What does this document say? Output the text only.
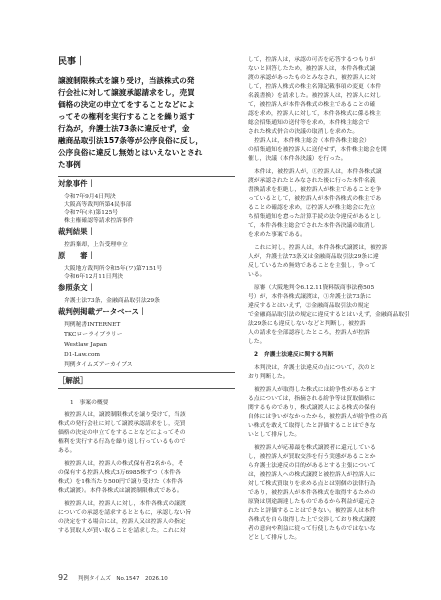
民事｜
譲渡制限株式を譲り受け，当該株式の発
行会社に対して譲渡承認請求をし，売買
価格の決定の申立てをすることなどによ
ってその権利を実行することを繰り返す
行為が，弁護士法73条に違反せず，金
融商品取引法157条等が公序良俗に反し，
公序良俗に違反し無効とはいえないとされ
た事例
対象事件｜
令和7年9月4日判決
大阪高等裁判所第4民事部
令和7年(ネ)第125号
株主権確認等請求控訴事件
裁判結果｜
控訴棄却，上告受理申立
原　　審｜
大阪地方裁判所令和5年(ワ)第7151号
令和6年12月11日判決
参照条文｜
弁護士法73条，金融商品取引法29条
裁判例掲載データベース｜
判例秘書INTERNET
TKCローライブラリー
Westlaw Japan
D1-Law.com
判例タイムズアーカイブス
［解説］
1　事案の概要
被控訴人は，譲渡制限株式を譲り受けて，当該
株式の発行会社に対して譲渡承認請求をし，売買
価格の決定の申立てをすることなどによってその
権利を実行する行為を繰り返し行っているもので
ある。
被控訴人は，控訴人の株式保有者2名から，そ
の保有する控訴人株式3万6985株ずつ（本件各
株式）を1株当たり500円で譲り受けた（本件各
株式譲渡）。本件各株式は譲渡制限株式である。
被控訴人は，控訴人に対し，本件各株式の譲渡
についての承認を請求するとともに，承認しない旨
の決定をする場合には，控訴人又は控訴人の指定
する買取人が買い取ることを請求した。これに対
して，控訴人は，承認の可否を応答するつもりが
ないと回答したため，被控訴人は，本件各株式譲
渡の承認があったものとみなされ，被控訴人に対
して，控訴人株式の株主名簿記載事項の変更（本件
名義書換）を請求した。被控訴人は，控訴人に対し
て，被控訴人が本件各株式の株主であることの確
認を求め，控訴人に対して，本件各株式に係る株主
総会招集通知の送付等を求め，本件株主総会で
された株式併合の決議の取消しを求めた。
控訴人は，本件株主総会（本件各株主総会）
の招集通知を被控訴人に送付せず，本件株主総会を開
催し，決議（本件各決議）を行った。
本件は，被控訴人が，①控訴人は，本件各株式譲
渡が承認されたとみなされた後に行った本件名義
書換請求を拒絶し，被控訴人が株主であることを争
っているとして，被控訴人が本件各株式の株主であ
ることの確認を求め，②控訴人が株主総会に先立
ち招集通知を怠った計算手続の法令違反があるとし
て，本件各株主総会でされた本件各決議の取消し
を求めた事案である。
これに対し，控訴人は，本件各株式譲渡は，被控訴
人が，弁護士法73条又は金融商品取引法29条に違
反しているため無効であることを主張し，争って
いる。
原審（大阪地判令6.12.11資料版商事法務505
号）が，本件各株式譲渡は，①弁護士法73条に
違反するとはいえず，②金融商品取引法の規定
で金融商品取引法の規定に違反するとはいえず，金融商品取引
法29条にも違反しないなどと判断し，被控訴
人の請求を全部認容したところ，控訴人が控訴
した。
2　弁護士法違反に関する判断
本判決は，弁護士法違反の点について，次のと
おり判断した。
被控訴人が取得した株式には紛争性があるとす
る点については，指摘される紛争等は買取価格に
関するものであり，株式譲渡人による株式の保有
自体には争いがなかったから，被控訴人が紛争性の高
い株式を敢えて取得したと評価することはできな
いとして排斥した。
被控訴人が応募最を株式譲渡者に還元している
し，被控訴人が買取交渉を行う実態があることか
ら弁護士法違反の目的があるとする主張について
は，被控訴人への株式譲渡と被控訴人が控訴人に
対して株式買取りを求める点とは別個の法律行為
であり，被控訴人が本件各株式を取得するための
原資は別途調達したものであるから利益が還元さ
れたと評価することはできない。被控訴人は本件
各株式を自ら取得した上で交渉しており株式譲渡
者の意向や利益に従って行使したものではないな
どとして排斥した。
92 判例タイムズ　No.1547　2026.10
